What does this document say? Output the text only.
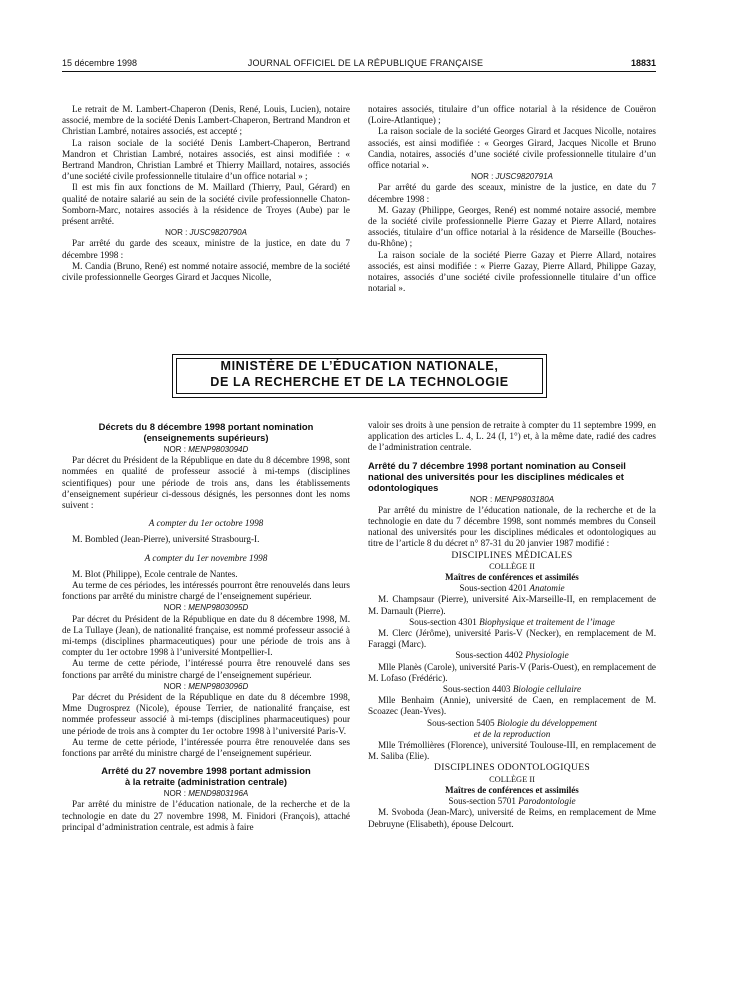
15 décembre 1998	JOURNAL OFFICIEL DE LA RÉPUBLIQUE FRANÇAISE	18831

Le retrait de M. Lambert-Chaperon (Denis, René, Louis, Lucien), notaire associé, membre de la société Denis Lambert-Chaperon, Bertrand Mandron et Christian Lambré, notaires associés, est accepté ;

La raison sociale de la société Denis Lambert-Chaperon, Bertrand Mandron et Christian Lambré, notaires associés, est ainsi modifiée : « Bertrand Mandron, Christian Lambré et Thierry Maillard, notaires, associés d’une société civile professionnelle titulaire d’un office notarial » ;

Il est mis fin aux fonctions de M. Maillard (Thierry, Paul, Gérard) en qualité de notaire salarié au sein de la société civile professionnelle Chaton-Somborn-Marc, notaires associés à la résidence de Troyes (Aube) par le présent arrêté.

NOR : JUSC9820790A

Par arrêté du garde des sceaux, ministre de la justice, en date du 7 décembre 1998 :

M. Candia (Bruno, René) est nommé notaire associé, membre de la société civile professionnelle Georges Girard et Jacques Nicolle,

notaires associés, titulaire d’un office notarial à la résidence de Couëron (Loire-Atlantique) ;

La raison sociale de la société Georges Girard et Jacques Nicolle, notaires associés, est ainsi modifiée : « Georges Girard, Jacques Nicolle et Bruno Candia, notaires, associés d’une société civile professionnelle titulaire d’un office notarial ».

NOR : JUSC9820791A

Par arrêté du garde des sceaux, ministre de la justice, en date du 7 décembre 1998 :

M. Gazay (Philippe, Georges, René) est nommé notaire associé, membre de la société civile professionnelle Pierre Gazay et Pierre Allard, notaires associés, titulaire d’un office notarial à la résidence de Marseille (Bouches-du-Rhône) ;

La raison sociale de la société Pierre Gazay et Pierre Allard, notaires associés, est ainsi modifiée : « Pierre Gazay, Pierre Allard, Philippe Gazay, notaires, associés d’une société civile professionnelle titulaire d’un office notarial ».

MINISTÈRE DE L’ÉDUCATION NATIONALE,
DE LA RECHERCHE ET DE LA TECHNOLOGIE

Décrets du 8 décembre 1998 portant nomination

(enseignements supérieurs)

NOR : MENP9803094D

Par décret du Président de la République en date du 8 décembre 1998, sont nommées en qualité de professeur associé à mi-temps (disciplines scientifiques) pour une période de trois ans, dans les établissements d’enseignement supérieur ci-dessous désignés, les personnes dont les noms suivent :

A compter du 1er octobre 1998

M. Bombled (Jean-Pierre), université Strasbourg-I.

A compter du 1er novembre 1998

M. Blot (Philippe), Ecole centrale de Nantes.

Au terme de ces périodes, les intéressés pourront être renouvelés dans leurs fonctions par arrêté du ministre chargé de l’enseignement supérieur.

NOR : MENP9803095D

Par décret du Président de la République en date du 8 décembre 1998, M. de La Tullaye (Jean), de nationalité française, est nommé professeur associé à mi-temps (disciplines pharmaceutiques) pour une période de trois ans à compter du 1er octobre 1998 à l’université Montpellier-I.

Au terme de cette période, l’intéressé pourra être renouvelé dans ses fonctions par arrêté du ministre chargé de l’enseignement supérieur.

NOR : MENP9803096D

Par décret du Président de la République en date du 8 décembre 1998, Mme Dugrosprez (Nicole), épouse Terrier, de nationalité française, est nommée professeur associé à mi-temps (disciplines pharmaceutiques) pour une période de trois ans à compter du 1er octobre 1998 à l’université Paris-V.

Au terme de cette période, l’intéressée pourra être renouvelée dans ses fonctions par arrêté du ministre chargé de l’enseignement supérieur.

Arrêté du 27 novembre 1998 portant admission

à la retraite (administration centrale)

NOR : MEND9803196A

Par arrêté du ministre de l’éducation nationale, de la recherche et de la technologie en date du 27 novembre 1998, M. Finidori (François), attaché principal d’administration centrale, est admis à faire

valoir ses droits à une pension de retraite à compter du 11 septembre 1999, en application des articles L. 4, L. 24 (I, 1°) et, à la même date, radié des cadres de l’administration centrale.

Arrêté du 7 décembre 1998 portant nomination au Conseil national des universités pour les disciplines médicales et odontologiques

NOR : MENP9803180A

Par arrêté du ministre de l’éducation nationale, de la recherche et de la technologie en date du 7 décembre 1998, sont nommés membres du Conseil national des universités pour les disciplines médicales et odontologiques au titre de l’article 8 du décret n° 87-31 du 20 janvier 1987 modifié :

DISCIPLINES MÉDICALES

COLLÈGE II

Maîtres de conférences et assimilés

Sous-section 4201 Anatomie

M. Champsaur (Pierre), université Aix-Marseille-II, en remplacement de M. Darnault (Pierre).

Sous-section 4301 Biophysique et traitement de l’image

M. Clerc (Jérôme), université Paris-V (Necker), en remplacement de M. Faraggi (Marc).

Sous-section 4402 Physiologie

Mlle Planès (Carole), université Paris-V (Paris-Ouest), en remplacement de M. Lofaso (Frédéric).

Sous-section 4403 Biologie cellulaire

Mlle Benhaim (Annie), université de Caen, en remplacement de M. Scoazec (Jean-Yves).

Sous-section 5405 Biologie du développement

et de la reproduction

Mlle Trémollières (Florence), université Toulouse-III, en remplacement de M. Saliba (Elie).

DISCIPLINES ODONTOLOGIQUES

COLLÈGE II

Maîtres de conférences et assimilés

Sous-section 5701 Parodontologie

M. Svoboda (Jean-Marc), université de Reims, en remplacement de Mme Debruyne (Elisabeth), épouse Delcourt.
